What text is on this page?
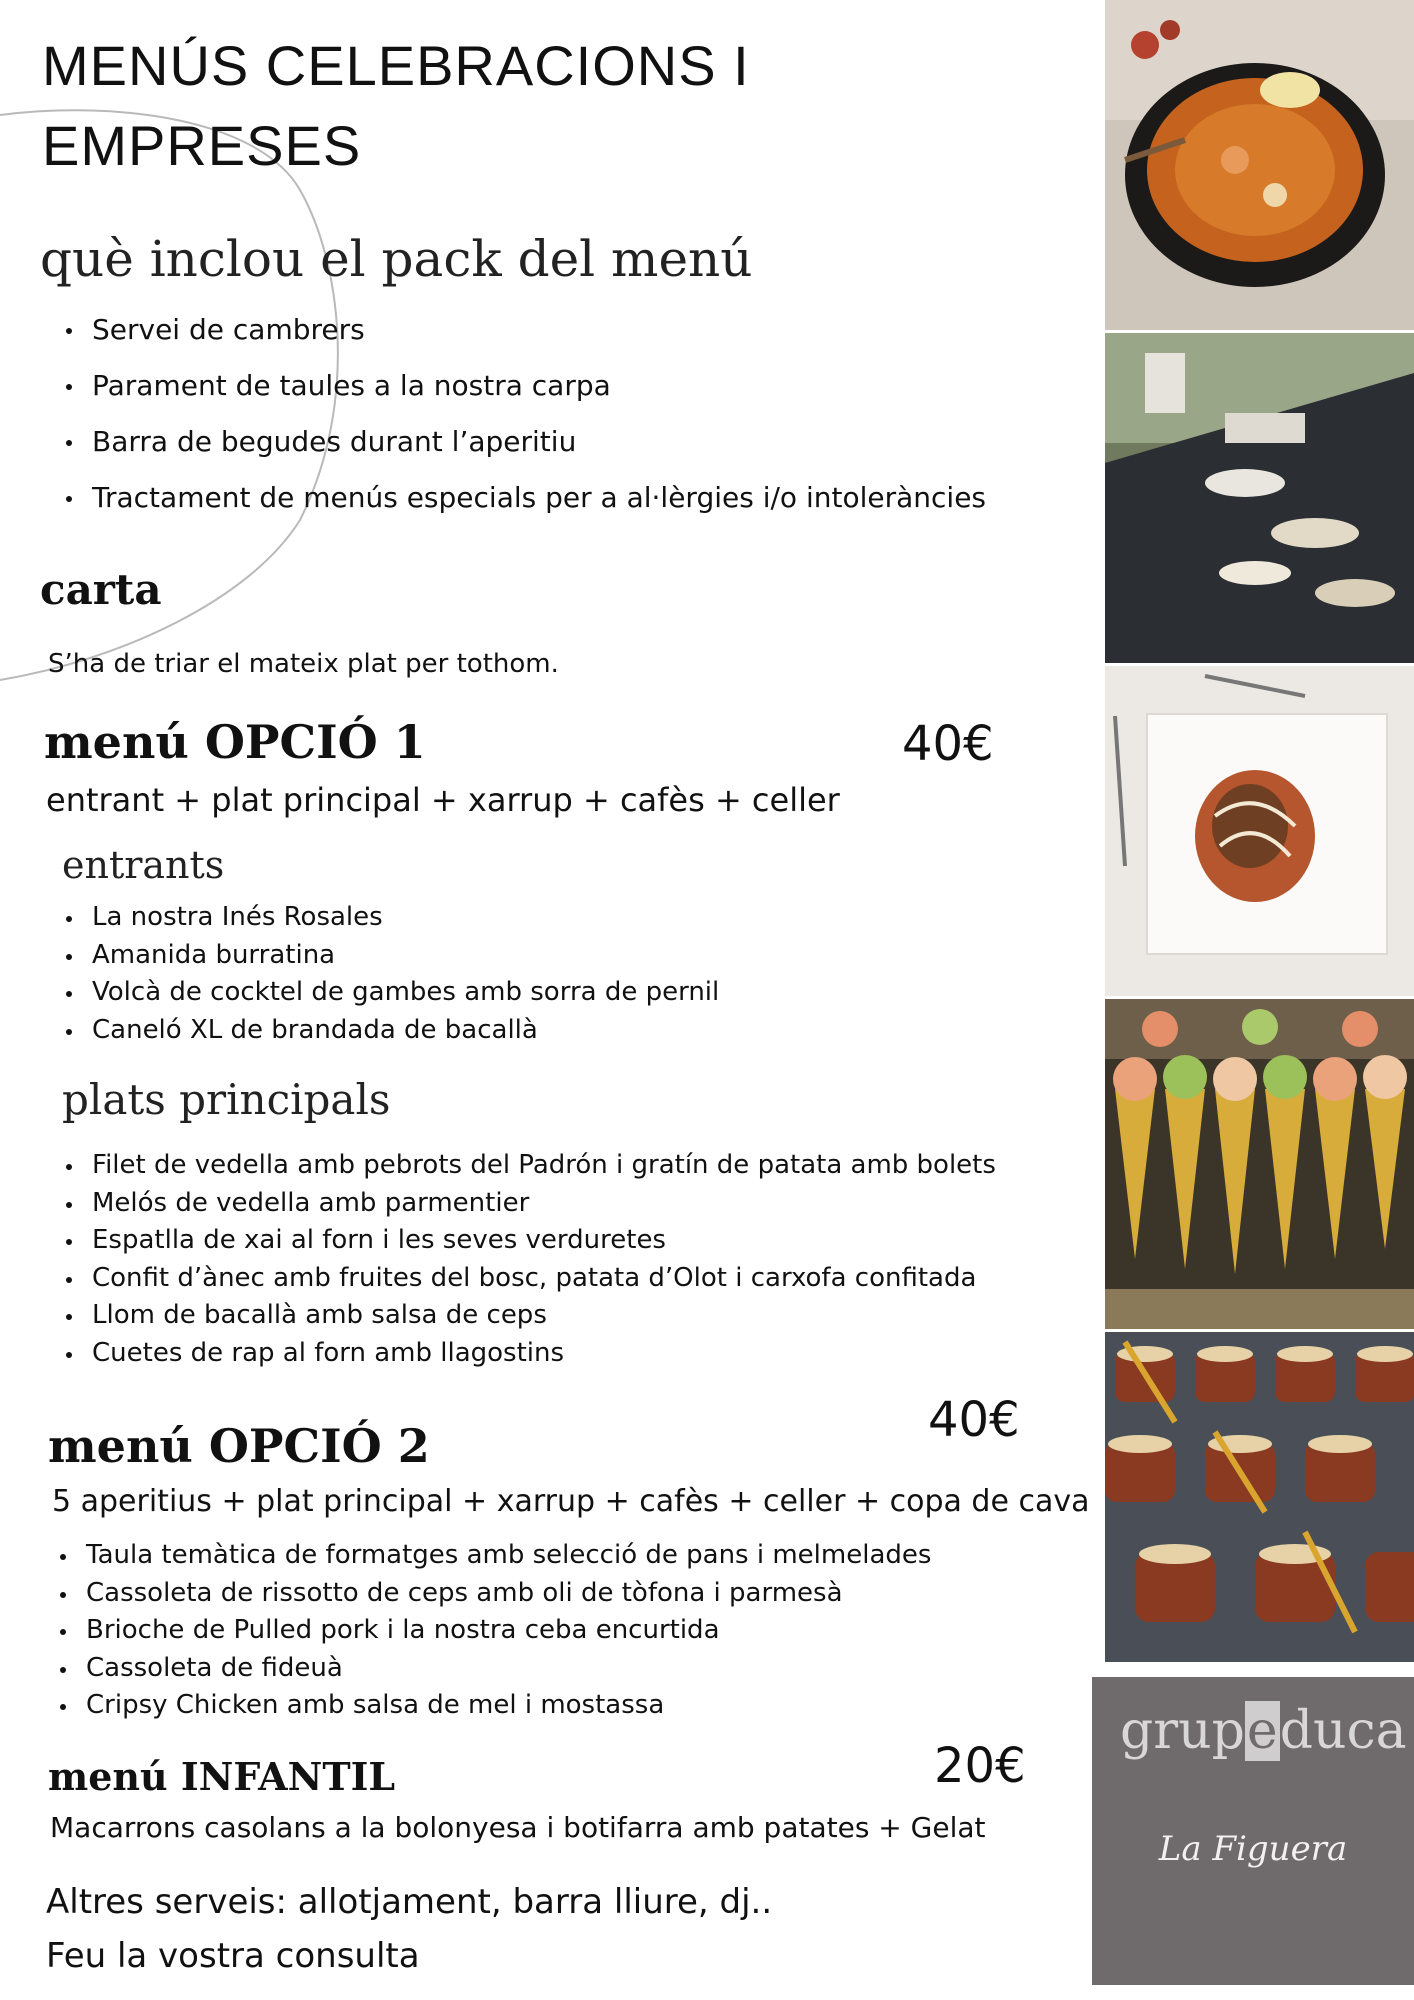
MENÚS CELEBRACIONS I
EMPRESES
què inclou el pack del menú
Servei de cambrers
Parament de taules a la nostra carpa
Barra de begudes durant l’aperitiu
Tractament de menús especials per a al·lèrgies i/o intoleràncies
carta
S’ha de triar el mateix plat per tothom.
menú OPCIÓ 1	40€
entrant + plat principal + xarrup + cafès + celler
entrants
La nostra Inés Rosales
Amanida burratina
Volcà de cocktel de gambes amb sorra de pernil
Caneló XL de brandada de bacallà
plats principals
Filet de vedella amb pebrots del Padrón i gratín de patata amb bolets
Melós de vedella amb parmentier
Espatlla de xai al forn i les seves verduretes
Confit d’ànec amb fruites del bosc, patata d’Olot i carxofa confitada
Llom de bacallà amb salsa de ceps
Cuetes de rap al forn amb llagostins
40€
menú OPCIÓ 2
5 aperitius + plat principal + xarrup + cafès + celler + copa de cava
Taula temàtica de formatges amb selecció de pans i melmelades
Cassoleta de rissotto de ceps amb oli de tòfona i parmesà
Brioche de Pulled pork i la nostra ceba encurtida
Cassoleta de fideuà
Cripsy Chicken amb salsa de mel i mostassa
menú INFANTIL	20€
Macarrons casolans a la bolonyesa i botifarra amb patates + Gelat
Altres serveis: allotjament, barra lliure, dj..
Feu la vostra consulta
grupeduca
La Figuera
